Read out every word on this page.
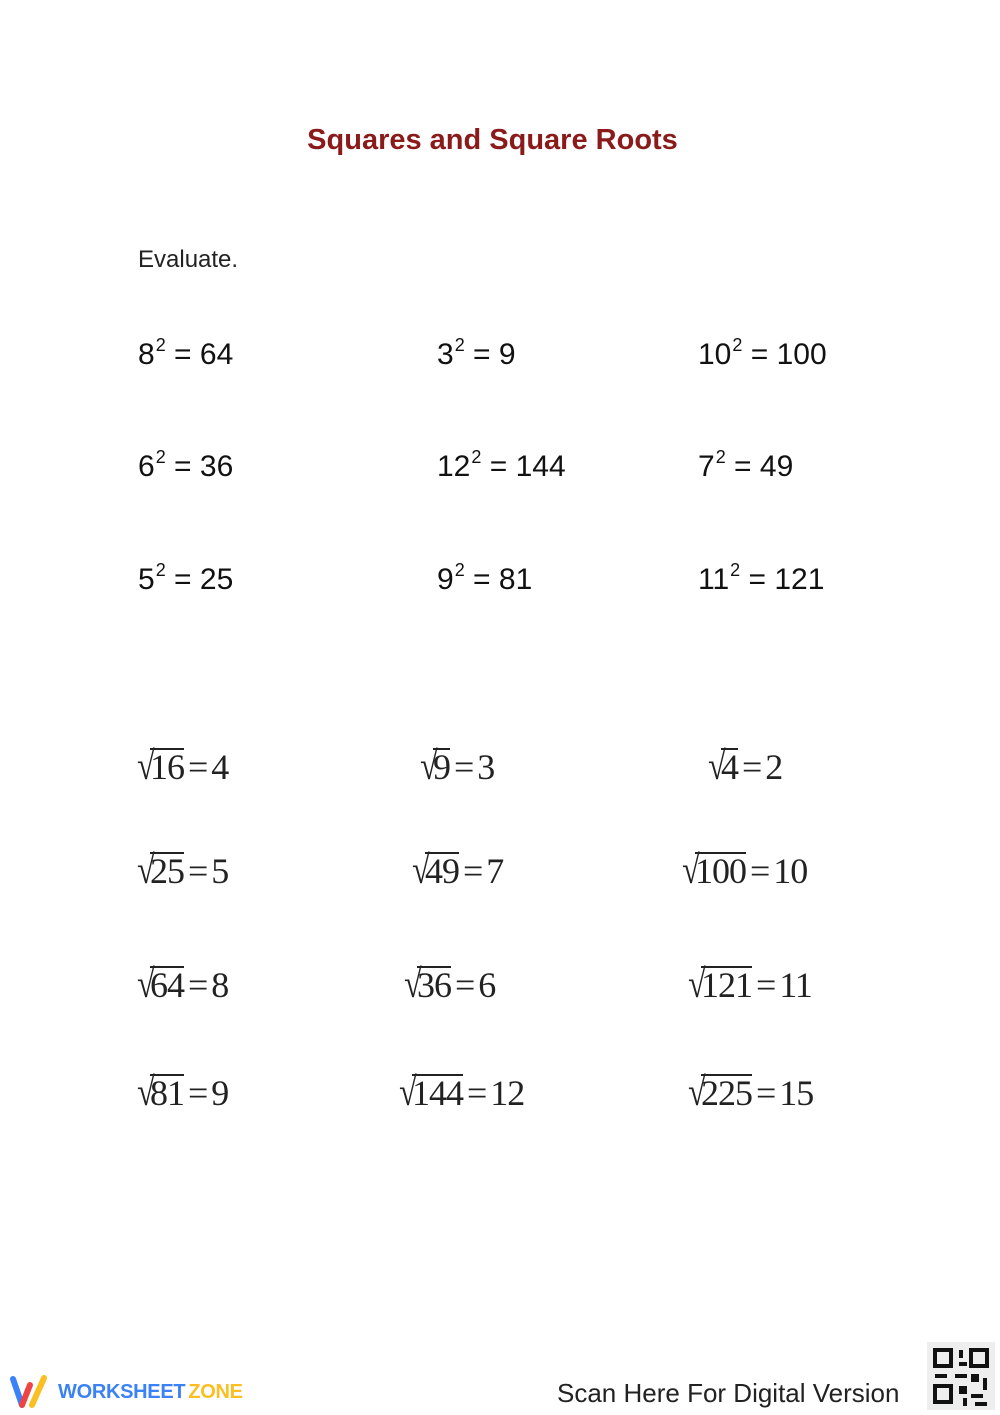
Squares and Square Roots
Evaluate.
$8^2 = 64$	$3^2 = 9$	$10^2 = 100$
$6^2 = 36$	$12^2 = 144$	$7^2 = 49$
$5^2 = 25$	$9^2 = 81$	$11^2 = 121$
√16 = 4	√9 = 3	√4 = 2
√25 = 5	√49 = 7	√100 = 10
√64 = 8	√36 = 6	√121 = 11
√81 = 9	√144 = 12	√225 = 15
WORKSHEET ZONE	Scan Here For Digital Version
